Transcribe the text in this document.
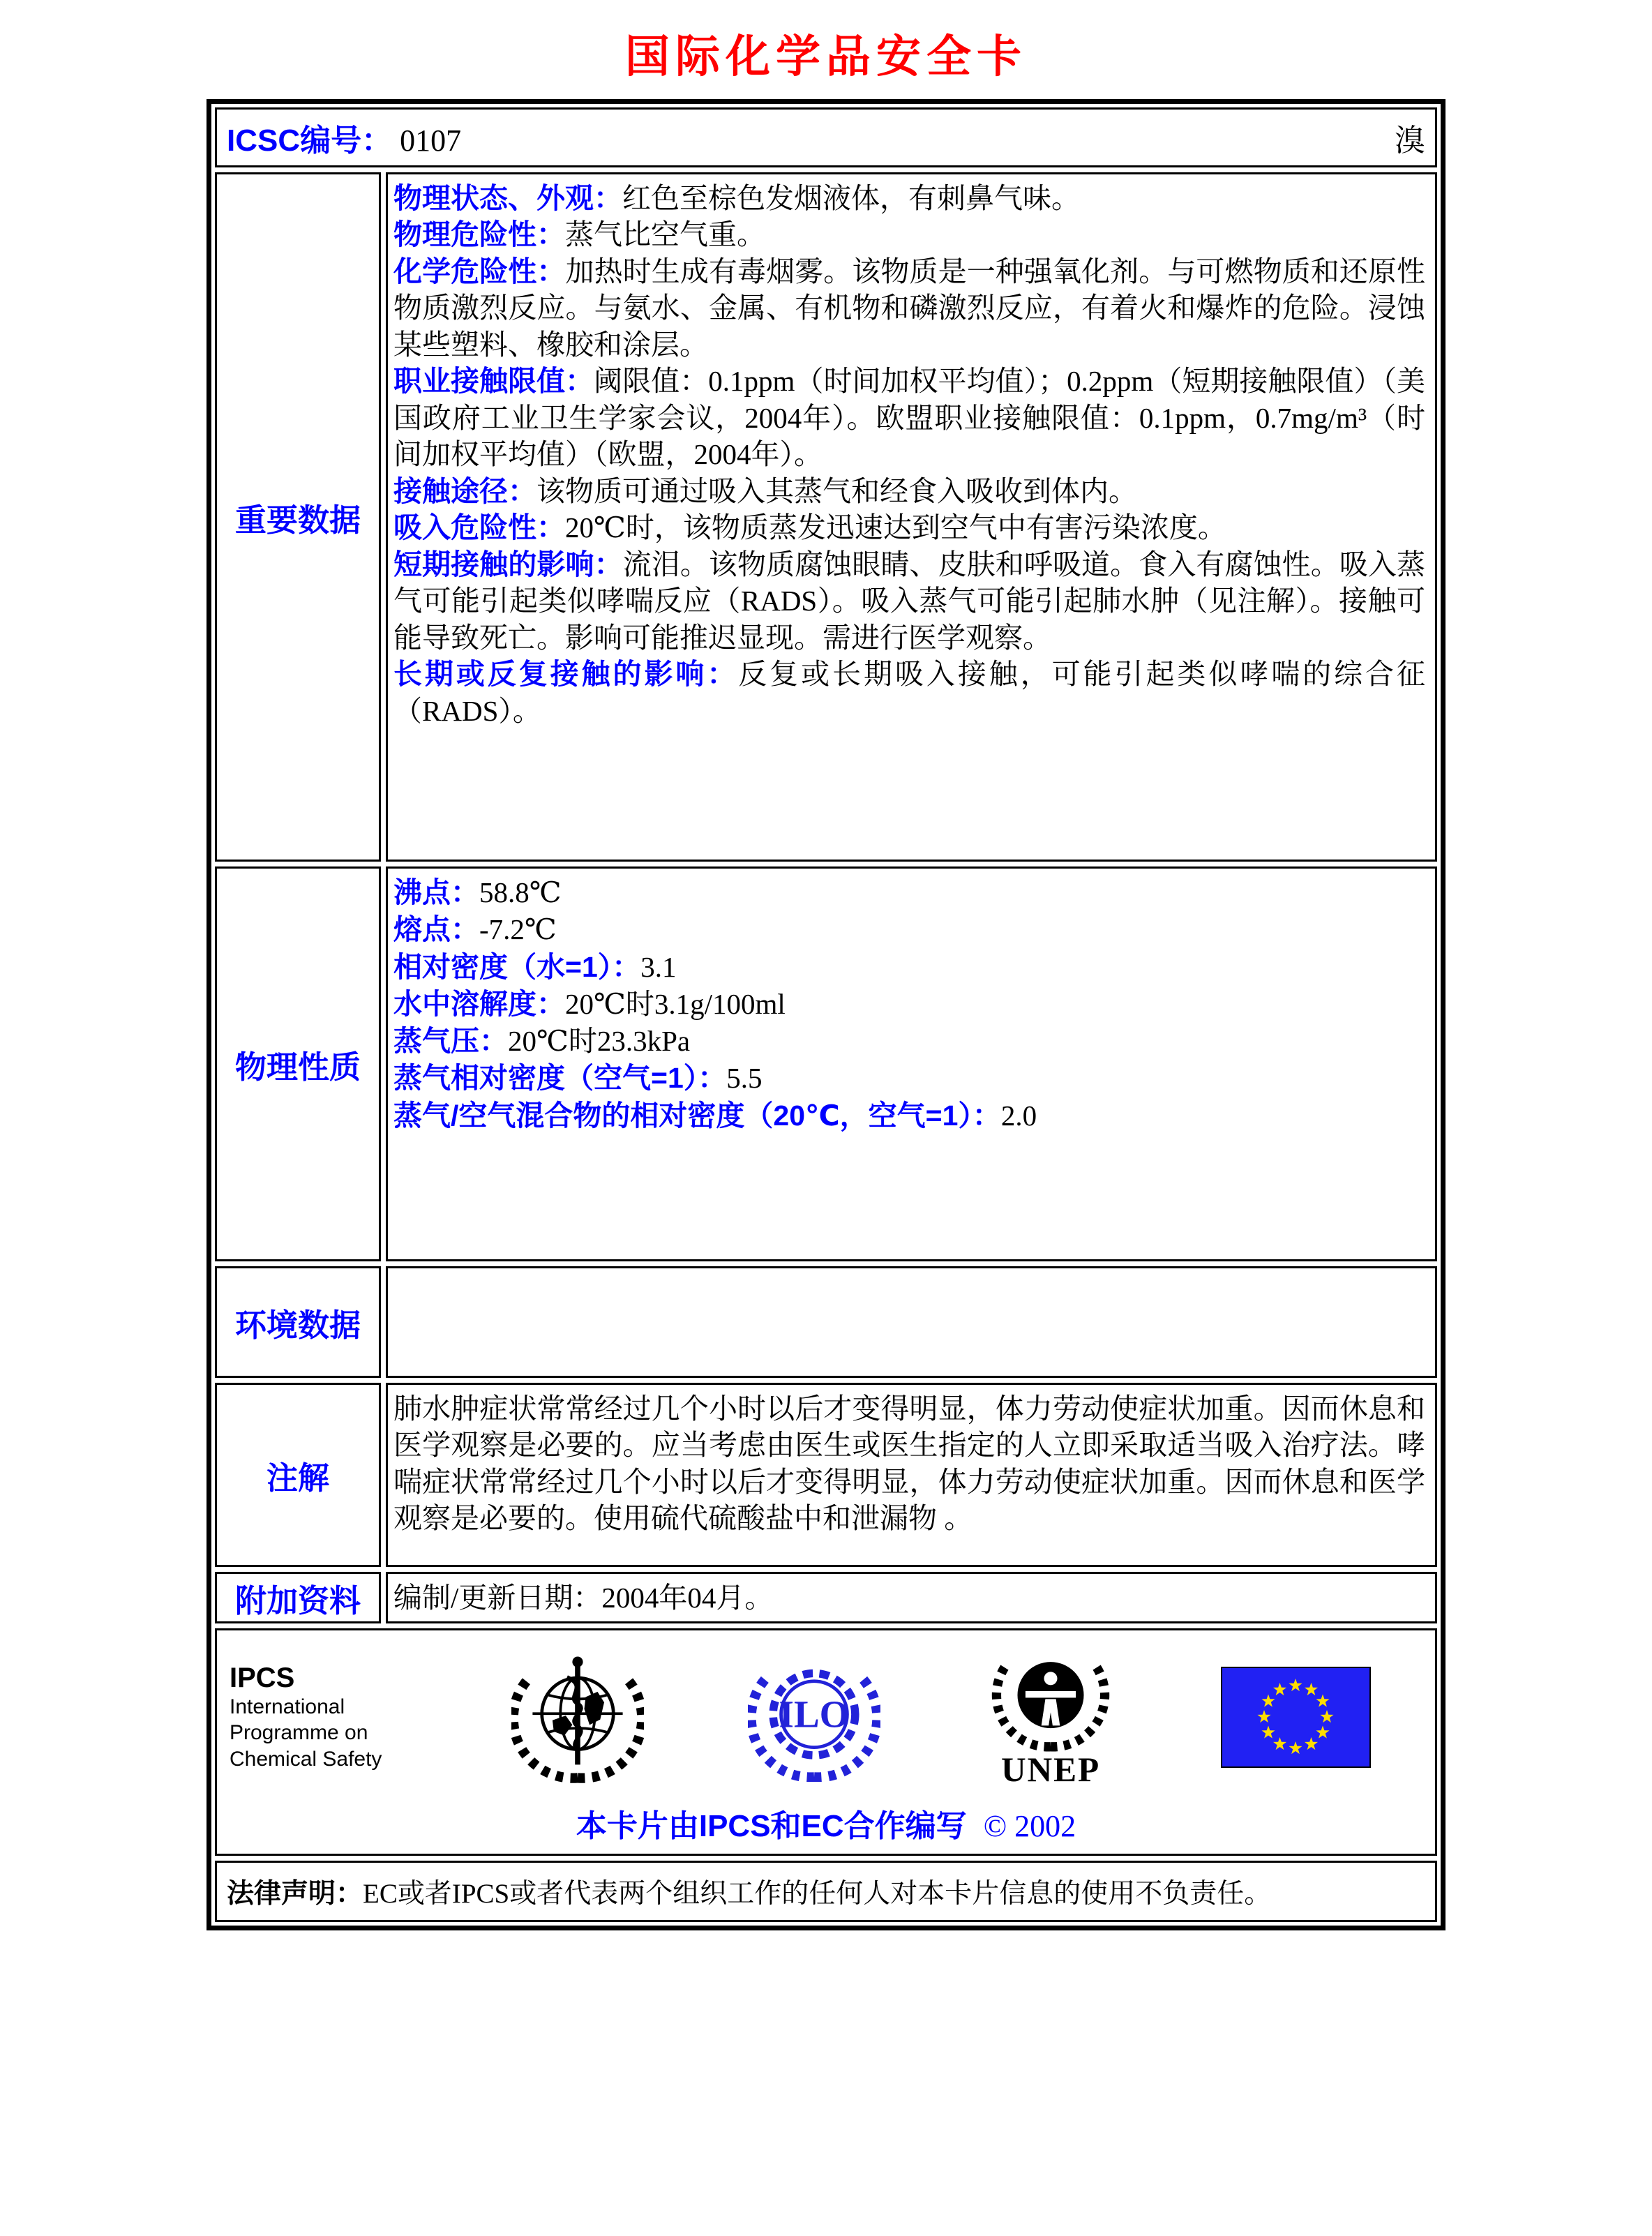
国际化学品安全卡
ICSC编号： 0107	溴
重要数据

物理状态、外观：红色至棕色发烟液体，有刺鼻气味。

物理危险性：蒸气比空气重。

化学危险性：加热时生成有毒烟雾。该物质是一种强氧化剂。与可燃物质和还原性物质激烈反应。与氨水、金属、有机物和磷激烈反应，有着火和爆炸的危险。浸蚀某些塑料、橡胶和涂层。

职业接触限值：阈限值：0.1ppm（时间加权平均值）；0.2ppm（短期接触限值）（美国政府工业卫生学家会议，2004年）。欧盟职业接触限值：0.1ppm，0.7mg/m³（时间加权平均值）（欧盟，2004年）。

接触途径：该物质可通过吸入其蒸气和经食入吸收到体内。

吸入危险性：20℃时，该物质蒸发迅速达到空气中有害污染浓度。

短期接触的影响：流泪。该物质腐蚀眼睛、皮肤和呼吸道。食入有腐蚀性。吸入蒸气可能引起类似哮喘反应（RADS）。吸入蒸气可能引起肺水肿（见注解）。接触可能导致死亡。影响可能推迟显现。需进行医学观察。

长期或反复接触的影响：反复或长期吸入接触，可能引起类似哮喘的综合征（RADS）。

物理性质

沸点：58.8℃

熔点：-7.2℃

相对密度（水=1）：3.1

水中溶解度：20℃时3.1g/100ml

蒸气压：20℃时23.3kPa

蒸气相对密度（空气=1）：5.5

蒸气/空气混合物的相对密度（20℃，空气=1）：2.0

环境数据
注解
肺水肿症状常常经过几个小时以后才变得明显，体力劳动使症状加重。因而休息和医学观察是必要的。应当考虑由医生或医生指定的人立即采取适当吸入治疗法。哮喘症状常常经过几个小时以后才变得明显，体力劳动使症状加重。因而休息和医学观察是必要的。使用硫代硫酸盐中和泄漏物 。
附加资料 编制/更新日期：2004年04月。
IPCS
International
Programme on
Chemical Safety
ILO
UNEP
本卡片由IPCS和EC合作编写 © 2002
法律声明：EC或者IPCS或者代表两个组织工作的任何人对本卡片信息的使用不负责任。
